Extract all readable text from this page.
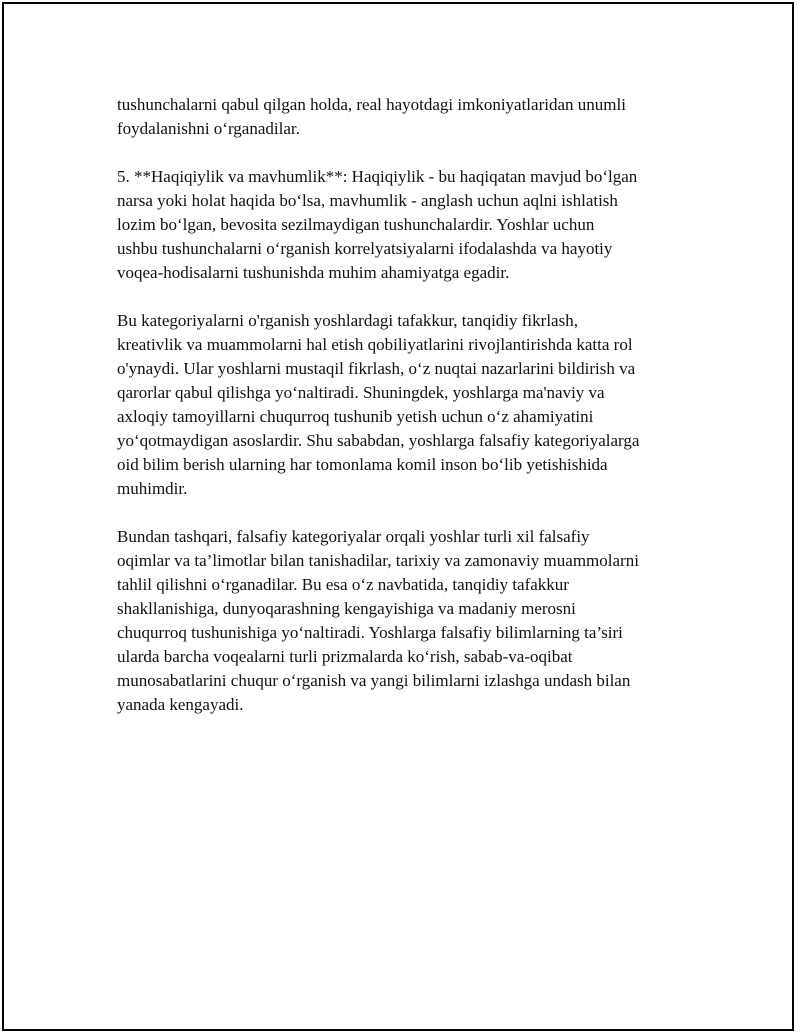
tushunchalarni qabul qilgan holda, real hayotdagi imkoniyatlaridan unumli
foydalanishni oʻrganadilar.

5. **Haqiqiylik va mavhumlik**: Haqiqiylik - bu haqiqatan mavjud boʻlgan
narsa yoki holat haqida boʻlsa, mavhumlik - anglash uchun aqlni ishlatish
lozim boʻlgan, bevosita sezilmaydigan tushunchalardir. Yoshlar uchun
ushbu tushunchalarni oʻrganish korrelyatsiyalarni ifodalashda va hayotiy
voqea-hodisalarni tushunishda muhim ahamiyatga egadir.

Bu kategoriyalarni o'rganish yoshlardagi tafakkur, tanqidiy fikrlash,
kreativlik va muammolarni hal etish qobiliyatlarini rivojlantirishda katta rol
o'ynaydi. Ular yoshlarni mustaqil fikrlash, oʻz nuqtai nazarlarini bildirish va
qarorlar qabul qilishga yoʻnaltiradi. Shuningdek, yoshlarga ma'naviy va
axloqiy tamoyillarni chuqurroq tushunib yetish uchun oʻz ahamiyatini
yoʻqotmaydigan asoslardir. Shu sababdan, yoshlarga falsafiy kategoriyalarga
oid bilim berish ularning har tomonlama komil inson boʻlib yetishishida
muhimdir.

Bundan tashqari, falsafiy kategoriyalar orqali yoshlar turli xil falsafiy
oqimlar va ta’limotlar bilan tanishadilar, tarixiy va zamonaviy muammolarni
tahlil qilishni oʻrganadilar. Bu esa oʻz navbatida, tanqidiy tafakkur
shakllanishiga, dunyoqarashning kengayishiga va madaniy merosni
chuqurroq tushunishiga yoʻnaltiradi. Yoshlarga falsafiy bilimlarning ta’siri
ularda barcha voqealarni turli prizmalarda koʻrish, sabab-va-oqibat
munosabatlarini chuqur oʻrganish va yangi bilimlarni izlashga undash bilan
yanada kengayadi.
